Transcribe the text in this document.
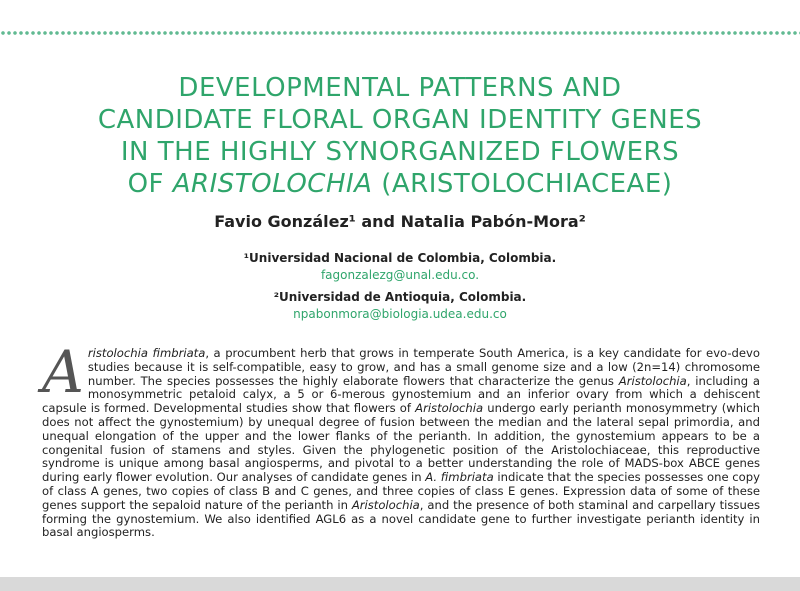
DEVELOPMENTAL PATTERNS AND
CANDIDATE FLORAL ORGAN IDENTITY GENES
IN THE HIGHLY SYNORGANIZED FLOWERS
OF ARISTOLOCHIA (ARISTOLOCHIACEAE)
Favio González¹ and Natalia Pabón-Mora²
¹Universidad Nacional de Colombia, Colombia.
fagonzalezg@unal.edu.co.
²Universidad de Antioquia, Colombia.
npabonmora@biologia.udea.edu.co

Aristolochia fimbriata, a procumbent herb that grows in temperate South America, is a key candidate for evo-devo studies because it is self-compatible, easy to grow, and has a small genome size and a low (2n=14) chromosome number. The species possesses the highly elaborate flowers that characterize the genus Aristolochia, including a monosymmetric petaloid calyx, a 5 or 6-merous gynostemium and an inferior ovary from which a dehiscent capsule is formed. Developmental studies show that flowers of Aristolochia undergo early perianth monosymmetry (which does not affect the gynostemium) by unequal degree of fusion between the median and the lateral sepal primordia, and unequal elongation of the upper and the lower flanks of the perianth. In addition, the gynostemium appears to be a congenital fusion of stamens and styles. Given the phylogenetic position of the Aristolochiaceae, this reproductive syndrome is unique among basal angiosperms, and pivotal to a better understanding the role of MADS-box ABCE genes during early flower evolution. Our analyses of candidate genes in A. fimbriata indicate that the species possesses one copy of class A genes, two copies of class B and C genes, and three copies of class E genes. Expression data of some of these genes support the sepaloid nature of the perianth in Aristolochia, and the presence of both staminal and carpellary tissues forming the gynostemium. We also identified AGL6 as a novel candidate gene to further investigate perianth identity in basal angiosperms.
